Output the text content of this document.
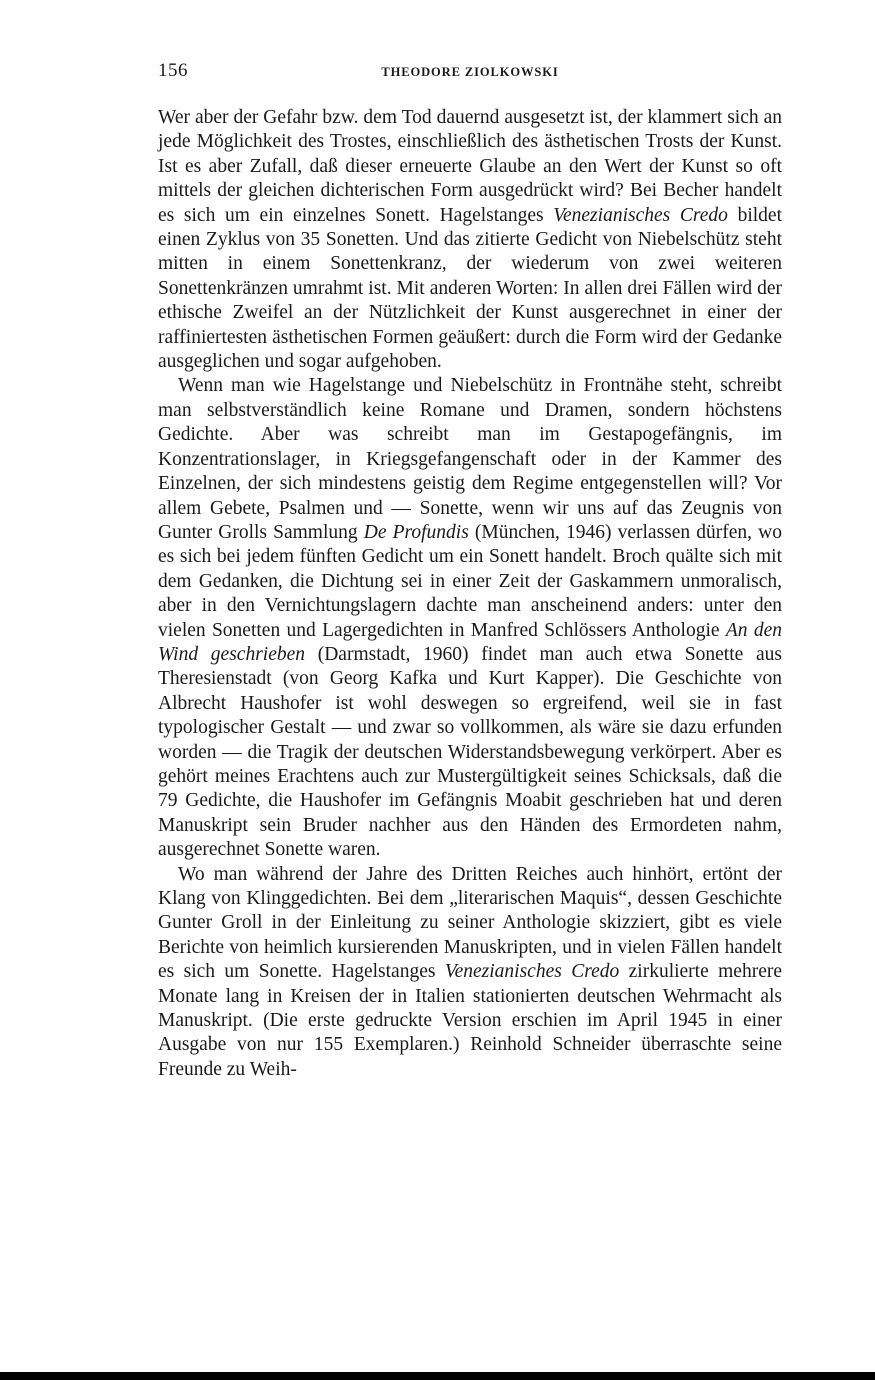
156	THEODORE ZIOLKOWSKI

Wer aber der Gefahr bzw. dem Tod dauernd ausgesetzt ist, der klammert sich an jede Möglichkeit des Trostes, einschließlich des ästhetischen Trosts der Kunst. Ist es aber Zufall, daß dieser erneuerte Glaube an den Wert der Kunst so oft mittels der gleichen dichterischen Form ausgedrückt wird? Bei Becher handelt es sich um ein einzelnes Sonett. Hagelstanges Venezianisches Credo bildet einen Zyklus von 35 Sonetten. Und das zitierte Gedicht von Niebelschütz steht mitten in einem Sonettenkranz, der wiederum von zwei weiteren Sonettenkränzen umrahmt ist. Mit anderen Worten: In allen drei Fällen wird der ethische Zweifel an der Nützlichkeit der Kunst ausgerechnet in einer der raffiniertesten ästhetischen Formen geäußert: durch die Form wird der Gedanke ausgeglichen und sogar aufgehoben.

Wenn man wie Hagelstange und Niebelschütz in Frontnähe steht, schreibt man selbstverständlich keine Romane und Dramen, sondern höchstens Gedichte. Aber was schreibt man im Gestapogefängnis, im Konzentrationslager, in Kriegsgefangenschaft oder in der Kammer des Einzelnen, der sich mindestens geistig dem Regime entgegenstellen will? Vor allem Gebete, Psalmen und — Sonette, wenn wir uns auf das Zeugnis von Gunter Grolls Sammlung De Profundis (München, 1946) verlassen dürfen, wo es sich bei jedem fünften Gedicht um ein Sonett handelt. Broch quälte sich mit dem Gedanken, die Dichtung sei in einer Zeit der Gaskammern unmoralisch, aber in den Vernichtungslagern dachte man anscheinend anders: unter den vielen Sonetten und Lagergedichten in Manfred Schlössers Anthologie An den Wind geschrieben (Darmstadt, 1960) findet man auch etwa Sonette aus Theresienstadt (von Georg Kafka und Kurt Kapper). Die Geschichte von Albrecht Haushofer ist wohl deswegen so ergreifend, weil sie in fast typologischer Gestalt — und zwar so vollkommen, als wäre sie dazu erfunden worden — die Tragik der deutschen Widerstandsbewegung verkörpert. Aber es gehört meines Erachtens auch zur Mustergültigkeit seines Schicksals, daß die 79 Gedichte, die Haushofer im Gefängnis Moabit geschrieben hat und deren Manuskript sein Bruder nachher aus den Händen des Ermordeten nahm, ausgerechnet Sonette waren.

Wo man während der Jahre des Dritten Reiches auch hinhört, ertönt der Klang von Klinggedichten. Bei dem „literarischen Maquis“, dessen Geschichte Gunter Groll in der Einleitung zu seiner Anthologie skizziert, gibt es viele Berichte von heimlich kursierenden Manuskripten, und in vielen Fällen handelt es sich um Sonette. Hagelstanges Venezianisches Credo zirkulierte mehrere Monate lang in Kreisen der in Italien stationierten deutschen Wehrmacht als Manuskript. (Die erste gedruckte Version erschien im April 1945 in einer Ausgabe von nur 155 Exemplaren.) Reinhold Schneider überraschte seine Freunde zu Weih-
